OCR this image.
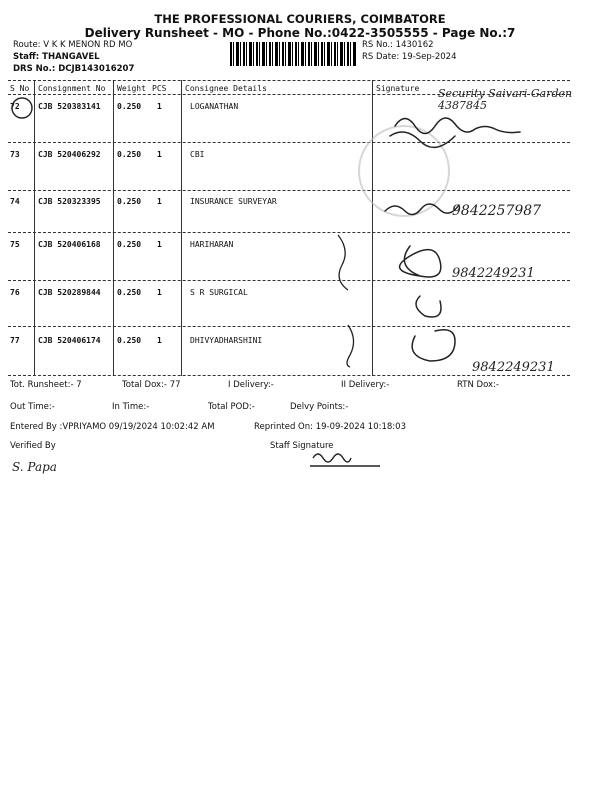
THE PROFESSIONAL COURIERS, COIMBATORE
Delivery Runsheet - MO - Phone No.:0422-3505555 - Page No.:7
Route: V K K MENON RD MO
Staff: THANGAVEL
DRS No.: DCJB143016207
RS No.: 1430162
RS Date: 19-Sep-2024
S No Consignment No Weight PCS Consignee Details	Signature
72 CJB 520383141 0.250 1	LOGANATHAN
Security Saivari Garden 4387845
73 CJB 520406292 0.250 1	CBI
74 CJB 520323395 0.250 1	INSURANCE SURVEYAR
9842257987
75 CJB 520406168 0.250 1	HARIHARAN
9842249231
76 CJB 520289844 0.250 1	S R SURGICAL
77 CJB 520406174 0.250 1	DHIVYADHARSHINI
9842249231
Tot. Runsheet:- 7	Total Dox:- 77	I Delivery:-	II Delivery:-	RTN Dox:-
Out Time:-	In Time:-	Total POD:-	Delvy Points:-
Entered By :VPRIYAMO 09/19/2024 10:02:42 AM	Reprinted On: 19-09-2024 10:18:03
Verified By	Staff Signature
S. Papa
